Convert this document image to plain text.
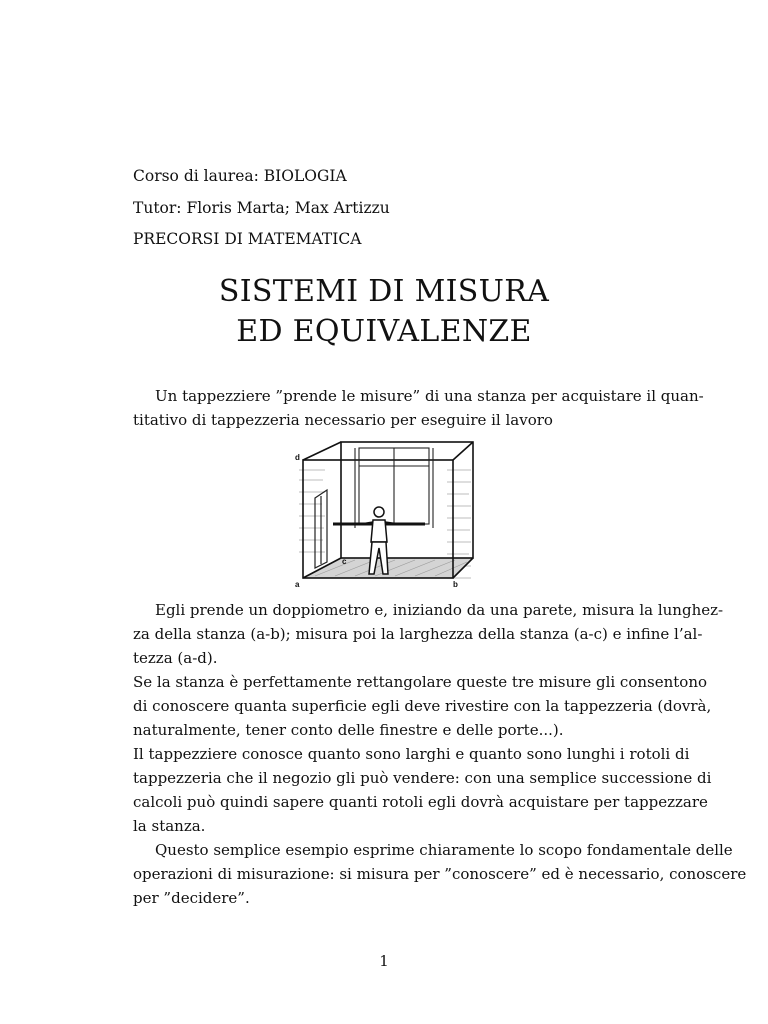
Corso di laurea: BIOLOGIA
Tutor: Floris Marta; Max Artizzu
PRECORSI DI MATEMATICA
SISTEMI DI MISURA
ED EQUIVALENZE
Un tappezziere ”prende le misure” di una stanza per acquistare il quan-
titativo di tappezzeria necessario per eseguire il lavoro
d
a	b
c
Egli prende un doppiometro e, iniziando da una parete, misura la lunghez-
za della stanza (a-b); misura poi la larghezza della stanza (a-c) e infine l’al-
tezza (a-d).
Se la stanza è perfettamente rettangolare queste tre misure gli consentono
di conoscere quanta superficie egli deve rivestire con la tappezzeria (dovrà,
naturalmente, tener conto delle finestre e delle porte...).
Il tappezziere conosce quanto sono larghi e quanto sono lunghi i rotoli di
tappezzeria che il negozio gli può vendere: con una semplice successione di
calcoli può quindi sapere quanti rotoli egli dovrà acquistare per tappezzare
la stanza.
Questo semplice esempio esprime chiaramente lo scopo fondamentale delle
operazioni di misurazione: si misura per ”conoscere” ed è necessario, conoscere
per ”decidere”.
1
